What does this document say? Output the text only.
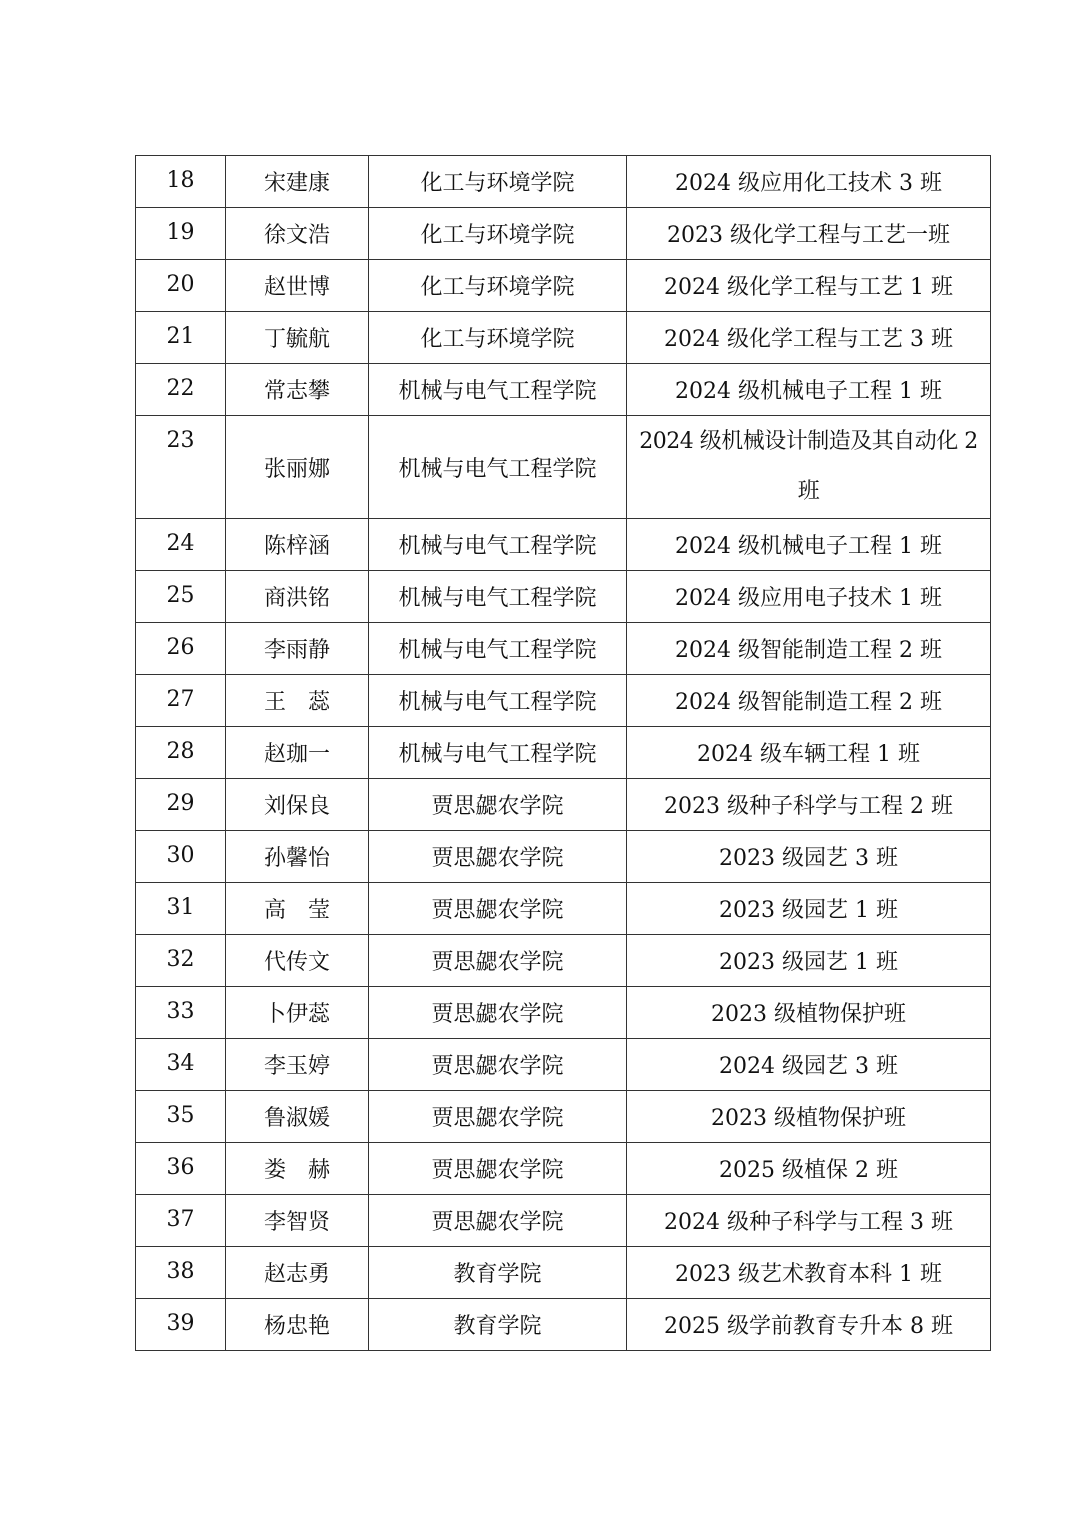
18	宋建康	化工与环境学院	2024 级应用化工技术 3 班
19	徐文浩	化工与环境学院	2023 级化学工程与工艺一班
20	赵世博	化工与环境学院	2024 级化学工程与工艺 1 班
21	丁毓航	化工与环境学院	2024 级化学工程与工艺 3 班
22	常志攀	机械与电气工程学院	2024 级机械电子工程 1 班
23	张丽娜	机械与电气工程学院	2024 级机械设计制造及其自动化 2班
24	陈梓涵	机械与电气工程学院	2024 级机械电子工程 1 班
25	商洪铭	机械与电气工程学院	2024 级应用电子技术 1 班
26	李雨静	机械与电气工程学院	2024 级智能制造工程 2 班
27	王　蕊	机械与电气工程学院	2024 级智能制造工程 2 班
28	赵珈一	机械与电气工程学院	2024 级车辆工程 1 班
29	刘保良	贾思勰农学院	2023 级种子科学与工程 2 班
30	孙馨怡	贾思勰农学院	2023 级园艺 3 班
31	高　莹	贾思勰农学院	2023 级园艺 1 班
32	代传文	贾思勰农学院	2023 级园艺 1 班
33	卜伊蕊	贾思勰农学院	2023 级植物保护班
34	李玉婷	贾思勰农学院	2024 级园艺 3 班
35	鲁淑媛	贾思勰农学院	2023 级植物保护班
36	娄　赫	贾思勰农学院	2025 级植保 2 班
37	李智贤	贾思勰农学院	2024 级种子科学与工程 3 班
38	赵志勇	教育学院	2023 级艺术教育本科 1 班
39	杨忠艳	教育学院	2025 级学前教育专升本 8 班
